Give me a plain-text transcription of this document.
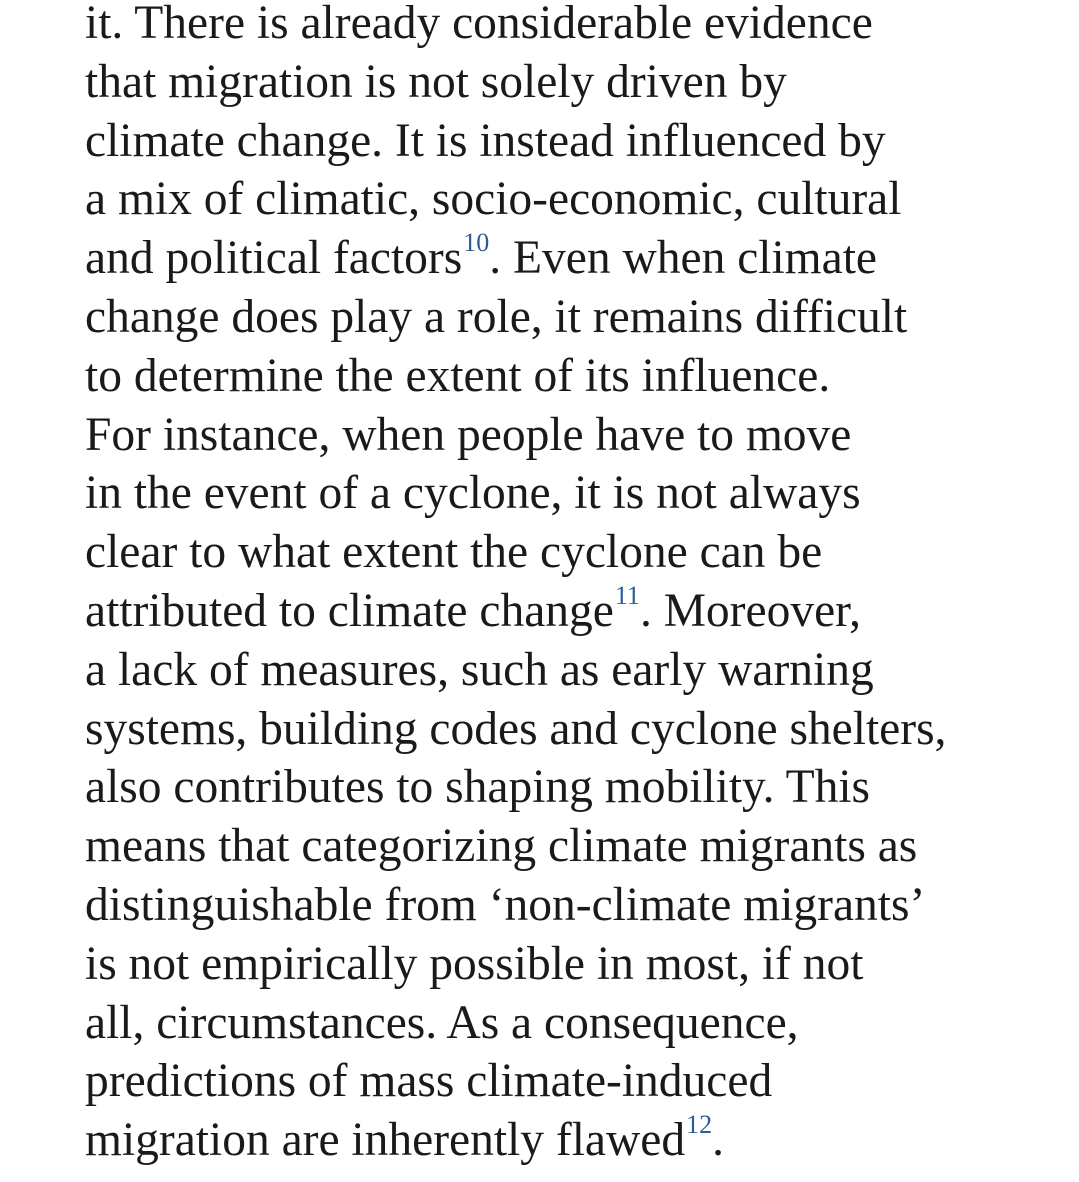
it. There is already considerable evidence
that migration is not solely driven by
climate change. It is instead influenced by
a mix of climatic, socio-economic, cultural
and political factors$^{10}$. Even when climate
change does play a role, it remains difficult
to determine the extent of its influence.
For instance, when people have to move
in the event of a cyclone, it is not always
clear to what extent the cyclone can be
attributed to climate change$^{11}$. Moreover,
a lack of measures, such as early warning
systems, building codes and cyclone shelters,
also contributes to shaping mobility. This
means that categorizing climate migrants as
distinguishable from ‘non-climate migrants’
is not empirically possible in most, if not
all, circumstances. As a consequence,
predictions of mass climate-induced
migration are inherently flawed$^{12}$.
